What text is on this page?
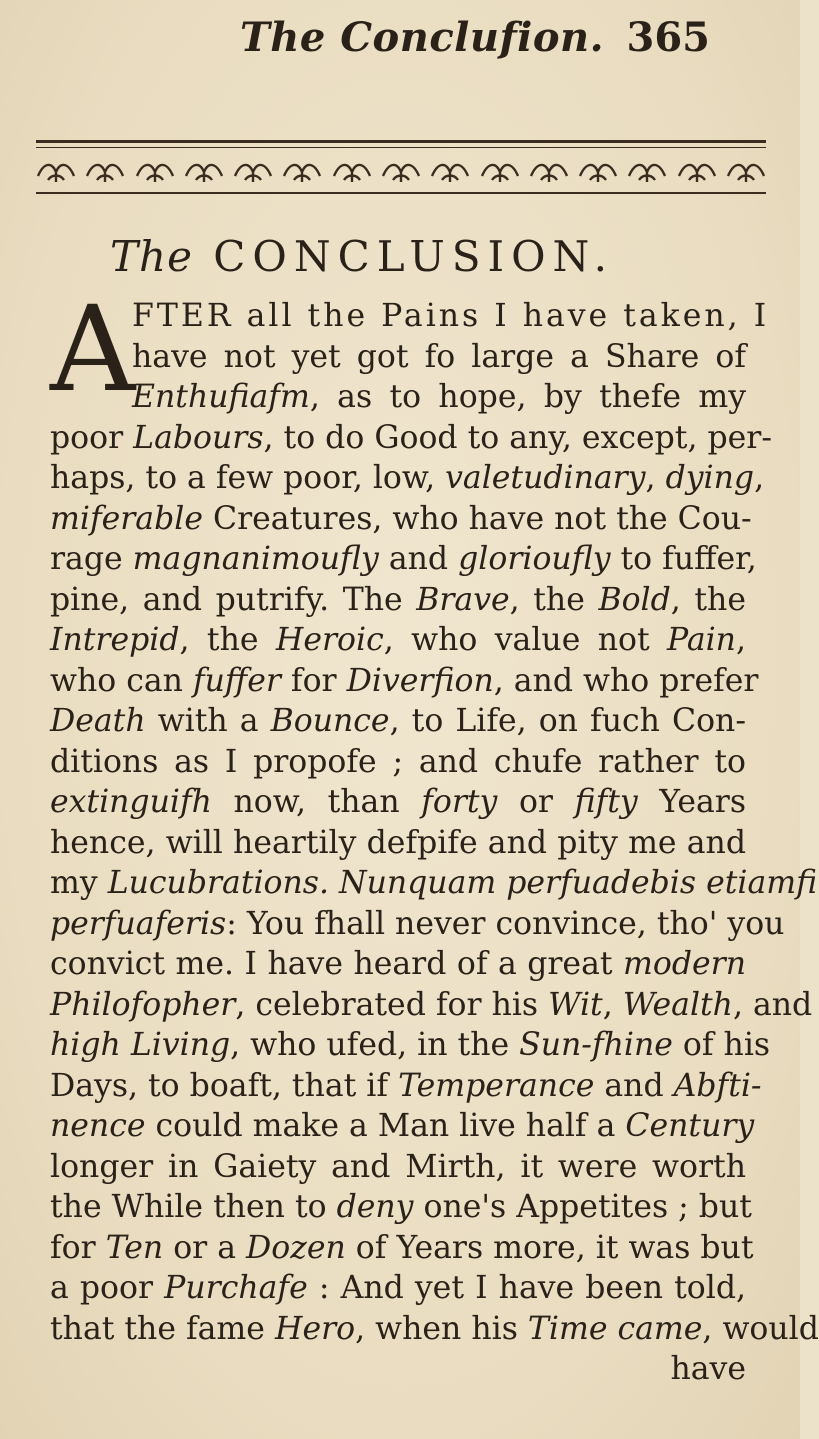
The Conclufion. 365
The CONCLUSION.
A
FTER all the Pains I have taken, I
have not yet got fo large a Share of
Enthufiafm, as to hope, by thefe my
poor Labours, to do Good to any, except, per-
haps, to a few poor, low, valetudinary, dying,
miferable Creatures, who have not the Cou-
rage magnanimoufly and glorioufly to fuffer,
pine, and putrify. The Brave, the Bold, the
Intrepid, the Heroic, who value not Pain,
who can fuffer for Diverfion, and who prefer
Death with a Bounce, to Life, on fuch Con-
ditions as I propofe ; and chufe rather to
extinguifh now, than forty or fifty Years
hence, will heartily defpife and pity me and
my Lucubrations. Nunquam perfuadebis etiamfi
perfuaferis: You fhall never convince, tho' you
convict me. I have heard of a great modern
Philofopher, celebrated for his Wit, Wealth, and
high Living, who ufed, in the Sun-fhine of his
Days, to boaft, that if Temperance and Abfti-
nence could make a Man live half a Century
longer in Gaiety and Mirth, it were worth
the While then to deny one's Appetites ; but
for Ten or a Dozen of Years more, it was but
a poor Purchafe : And yet I have been told,
that the fame Hero, when his Time came, would
have
